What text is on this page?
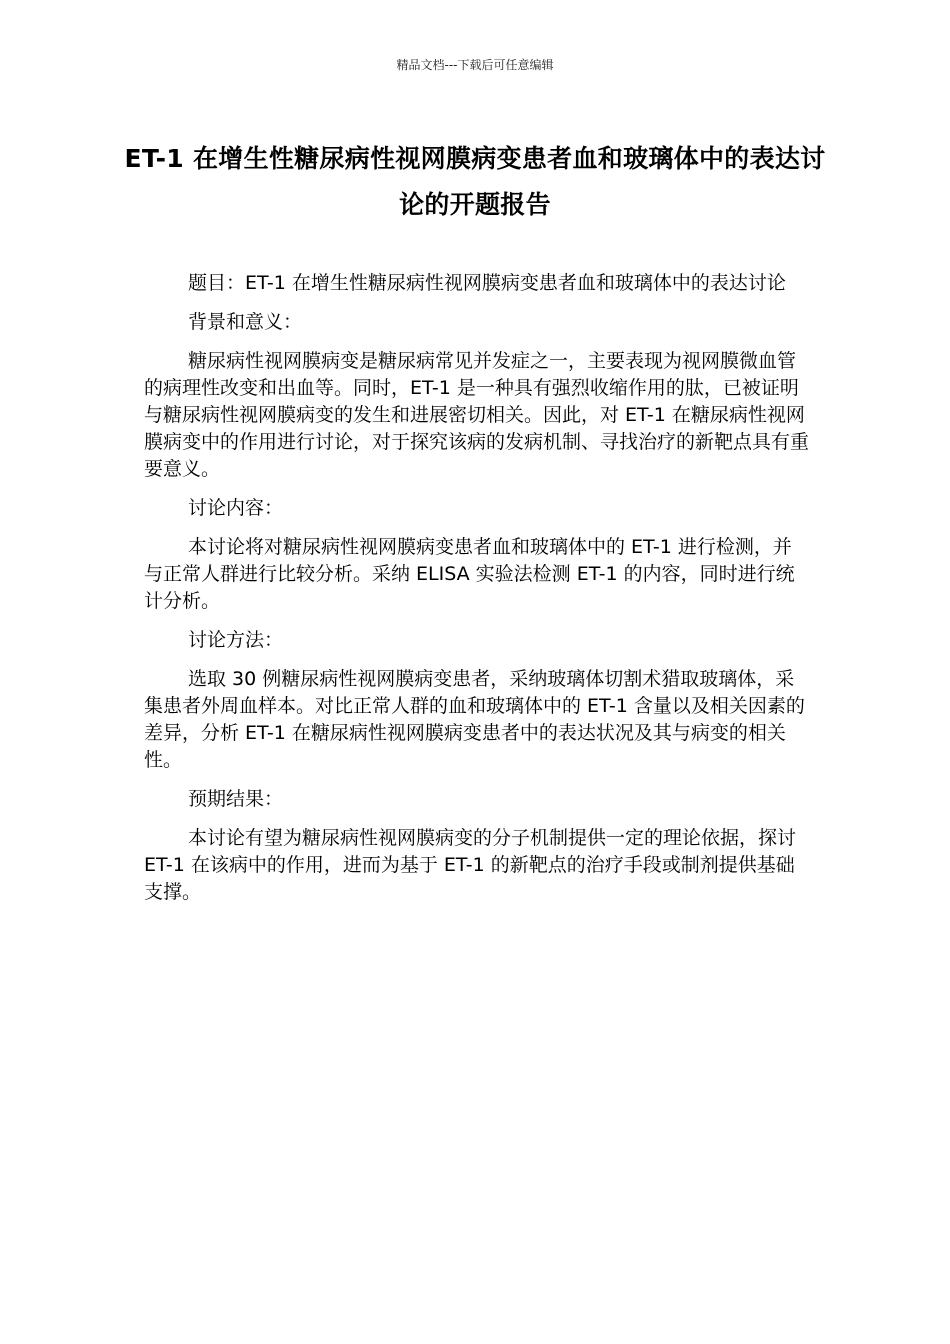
精品文档---下载后可任意编辑
ET-1 在增生性糖尿病性视网膜病变患者血和玻璃体中的表达讨论的开题报告

题目：ET-1 在增生性糖尿病性视网膜病变患者血和玻璃体中的表达讨论

背景和意义：

糖尿病性视网膜病变是糖尿病常见并发症之一，主要表现为视网膜微血管的病理性改变和出血等。同时，ET-1 是一种具有强烈收缩作用的肽，已被证明与糖尿病性视网膜病变的发生和进展密切相关。因此，对 ET-1 在糖尿病性视网膜病变中的作用进行讨论，对于探究该病的发病机制、寻找治疗的新靶点具有重要意义。

讨论内容：

本讨论将对糖尿病性视网膜病变患者血和玻璃体中的 ET-1 进行检测，并与正常人群进行比较分析。采纳 ELISA 实验法检测 ET-1 的内容，同时进行统计分析。

讨论方法：

选取 30 例糖尿病性视网膜病变患者，采纳玻璃体切割术猎取玻璃体，采集患者外周血样本。对比正常人群的血和玻璃体中的 ET-1 含量以及相关因素的差异，分析 ET-1 在糖尿病性视网膜病变患者中的表达状况及其与病变的相关性。

预期结果：

本讨论有望为糖尿病性视网膜病变的分子机制提供一定的理论依据，探讨 ET-1 在该病中的作用，进而为基于 ET-1 的新靶点的治疗手段或制剂提供基础支撑。
